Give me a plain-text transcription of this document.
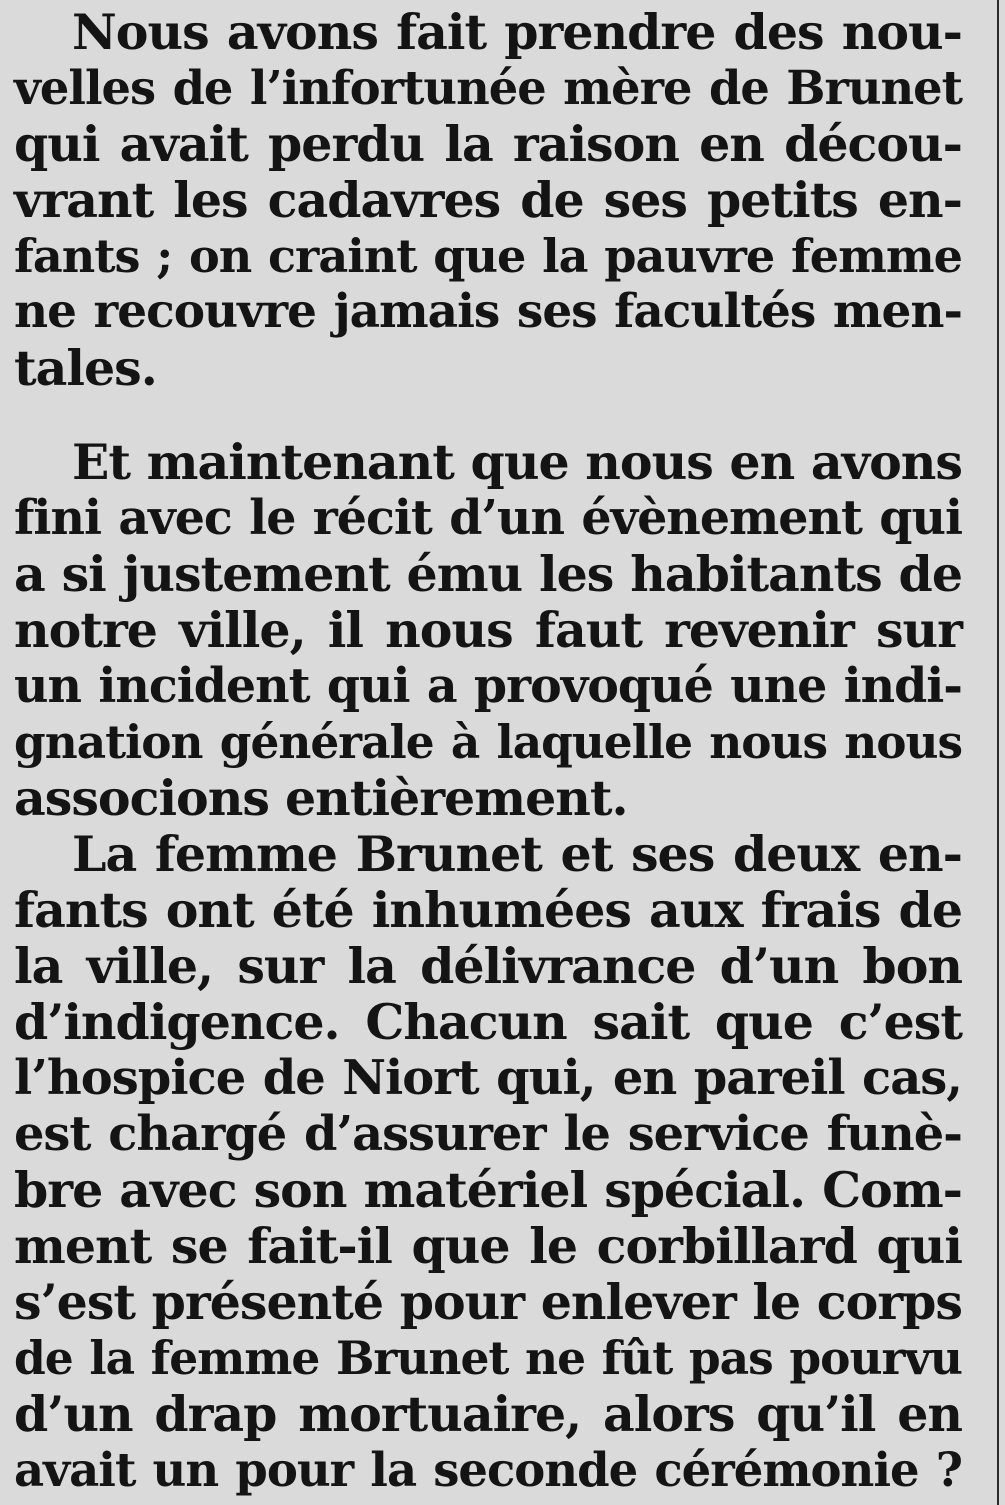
Nous avons fait prendre des nou-
velles de l’infortunée mère de Brunet
qui avait perdu la raison en décou-
vrant les cadavres de ses petits en-
fants ; on craint que la pauvre femme
ne recouvre jamais ses facultés men-
tales.
Et maintenant que nous en avons
fini avec le récit d’un évènement qui
a si justement ému les habitants de
notre ville, il nous faut revenir sur
un incident qui a provoqué une indi-
gnation générale à laquelle nous nous
associons entièrement.
La femme Brunet et ses deux en-
fants ont été inhumées aux frais de
la ville, sur la délivrance d’un bon
d’indigence. Chacun sait que c’est
l’hospice de Niort qui, en pareil cas,
est chargé d’assurer le service funè-
bre avec son matériel spécial. Com-
ment se fait-il que le corbillard qui
s’est présenté pour enlever le corps
de la femme Brunet ne fût pas pourvu
d’un drap mortuaire, alors qu’il en
avait un pour la seconde cérémonie ?
